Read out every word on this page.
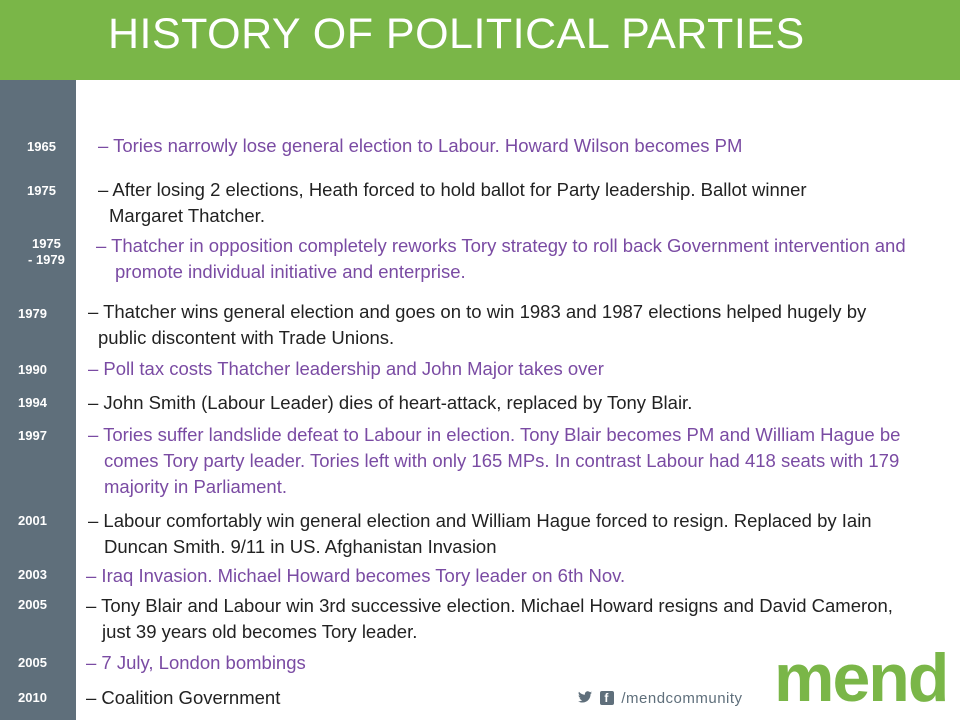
HISTORY OF POLITICAL PARTIES
1965
1975
1975
- 1979
1979
1990
1994
1997
2001
2003
2005
2005
2010
– Tories narrowly lose general election to Labour. Howard Wilson becomes PM
– After losing 2 elections, Heath forced to hold ballot for Party leadership. Ballot winner
Margaret Thatcher.
– Thatcher in opposition completely reworks Tory strategy to roll back Government intervention and
promote individual initiative and enterprise.
– Thatcher wins general election and goes on to win 1983 and 1987 elections helped hugely by
public discontent with Trade Unions.
– Poll tax costs Thatcher leadership and John Major takes over
– John Smith (Labour Leader) dies of heart-attack, replaced by Tony Blair.
– Tories suffer landslide defeat to Labour in election. Tony Blair becomes PM and William Hague be
comes Tory party leader. Tories left with only 165 MPs. In contrast Labour had 418 seats with 179
majority in Parliament.
– Labour comfortably win general election and William Hague forced to resign. Replaced by Iain
Duncan Smith. 9/11 in US. Afghanistan Invasion
– Iraq Invasion. Michael Howard becomes Tory leader on 6th Nov.
– Tony Blair and Labour win 3rd successive election. Michael Howard resigns and David Cameron,
just 39 years old becomes Tory leader.
– 7 July, London bombings
– Coalition Government	f /mendcommunity mend
